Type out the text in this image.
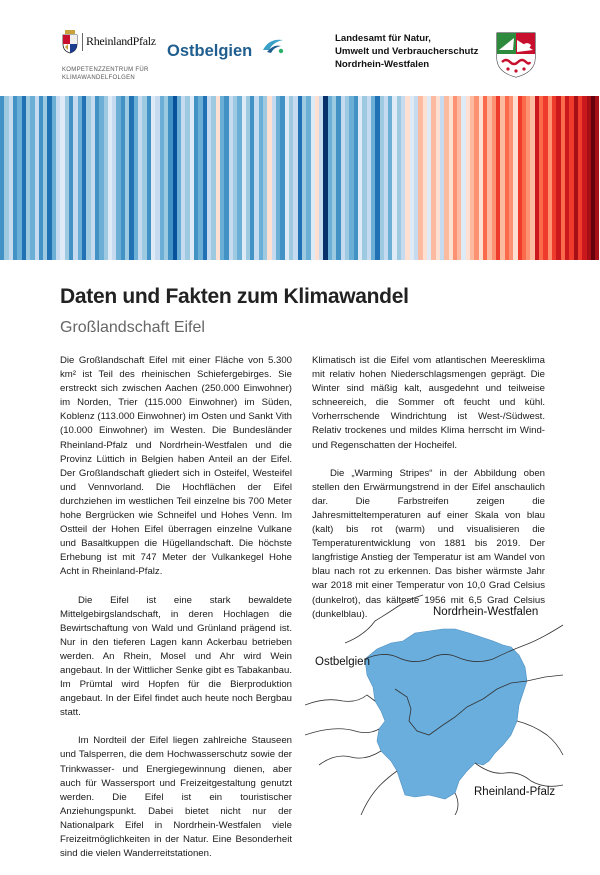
RheinlandPfalz
KOMPETENZZENTRUM FÜR KLIMAWANDELFOLGEN
Ostbelgien
Landesamt für Natur,
Umwelt und Verbraucherschutz
Nordrhein-Westfalen
Daten und Fakten zum Klimawandel
Großlandschaft Eifel

Die Großlandschaft Eifel mit einer Fläche von 5.300 km² ist Teil des rheinischen Schiefergebirges. Sie erstreckt sich zwischen Aachen (250.000 Einwohner) im Norden, Trier (115.000 Einwohner) im Süden, Koblenz (113.000 Einwohner) im Osten und Sankt Vith (10.000 Einwohner) im Westen. Die Bundesländer Rheinland-Pfalz und Nordrhein-Westfalen und die Provinz Lüttich in Belgien haben Anteil an der Eifel. Der Großlandschaft gliedert sich in Osteifel, Westeifel und Vennvorland. Die Hochflächen der Eifel durchziehen im westlichen Teil einzelne bis 700 Meter hohe Bergrücken wie Schneifel und Hohes Venn. Im Ostteil der Hohen Eifel überragen einzelne Vulkane und Basaltkuppen die Hügellandschaft. Die höchste Erhebung ist mit 747 Meter der Vulkankegel Hohe Acht in Rheinland-Pfalz.

Die Eifel ist eine stark bewaldete Mittelgebirgslandschaft, in deren Hochlagen die Bewirtschaftung von Wald und Grünland prägend ist. Nur in den tieferen Lagen kann Ackerbau betrieben werden. An Rhein, Mosel und Ahr wird Wein angebaut. In der Wittlicher Senke gibt es Tabakanbau. Im Prümtal wird Hopfen für die Bierproduktion angebaut. In der Eifel findet auch heute noch Bergbau statt.

Im Nordteil der Eifel liegen zahlreiche Stauseen und Talsperren, die dem Hochwasserschutz sowie der Trinkwasser- und Energiegewinnung dienen, aber auch für Wassersport und Freizeitgestaltung genutzt werden. Die Eifel ist ein touristischer Anziehungspunkt. Dabei bietet nicht nur der Nationalpark Eifel in Nordrhein-Westfalen viele Freizeitmöglichkeiten in der Natur. Eine Besonderheit sind die vielen Wanderreitstationen.

Klimatisch ist die Eifel vom atlantischen Meeresklima mit relativ hohen Niederschlagsmengen geprägt. Die Winter sind mäßig kalt, ausgedehnt und teilweise schneereich, die Sommer oft feucht und kühl. Vorherrschende Windrichtung ist West-/Südwest. Relativ trockenes und mildes Klima herrscht im Wind- und Regenschatten der Hocheifel.

Die „Warming Stripes“ in der Abbildung oben stellen den Erwärmungstrend in der Eifel anschaulich dar. Die Farbstreifen zeigen die Jahresmitteltemperaturen auf einer Skala von blau (kalt) bis rot (warm) und visualisieren die Temperaturentwicklung von 1881 bis 2019. Der langfristige Anstieg der Temperatur ist am Wandel von blau nach rot zu erkennen. Das bisher wärmste Jahr war 2018 mit einer Temperatur von 10,0 Grad Celsius (dunkelrot), das kälteste 1956 mit 6,5 Grad Celsius (dunkelblau).	Nordrhein-Westfalen
Ostbelgien
Rheinland-Pfalz
